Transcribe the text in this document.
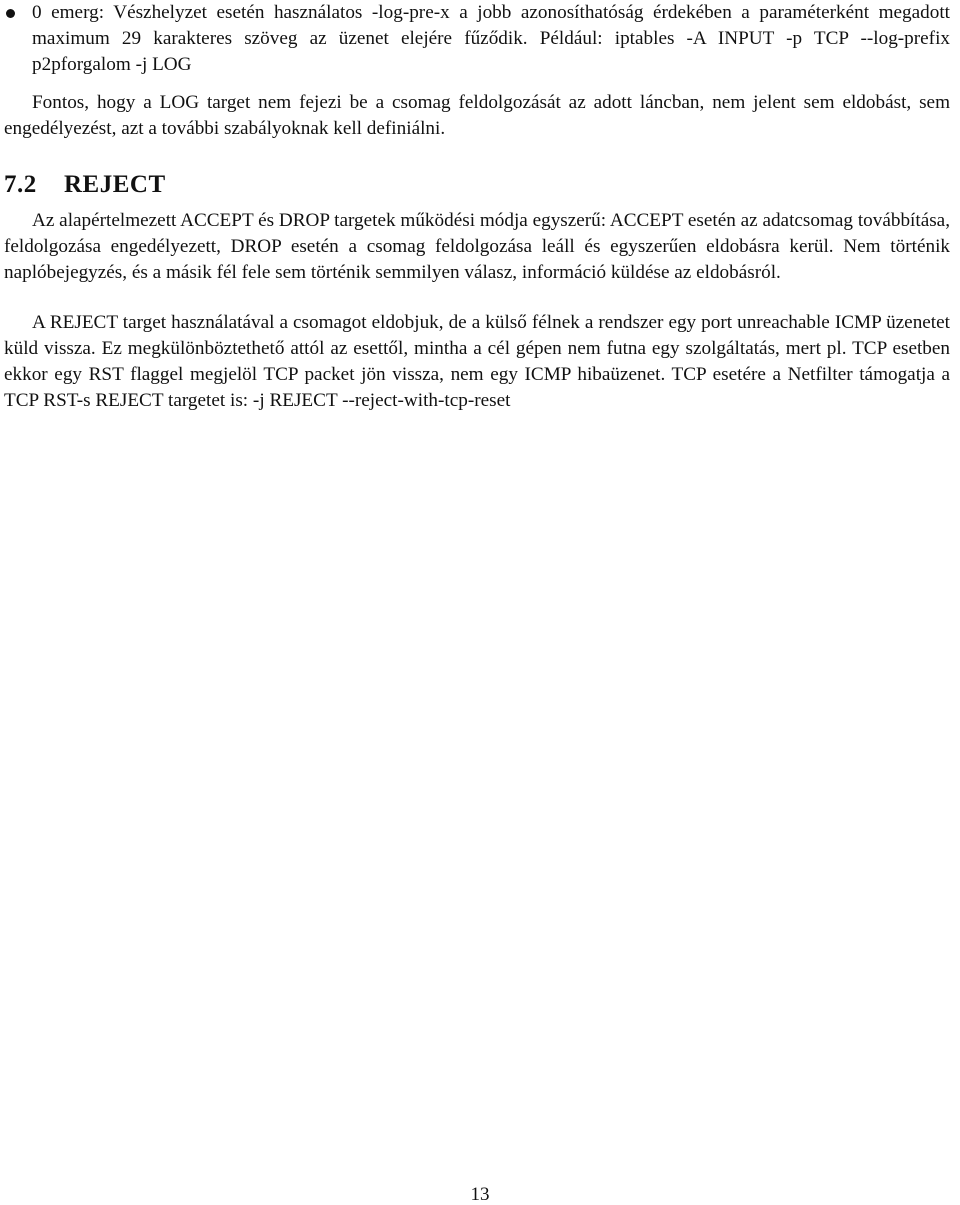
0 emerg: Vészhelyzet esetén használatos -log-pre-x a jobb azonosíthatóság érdekében a paraméterként megadott maximum 29 karakteres szöveg az üzenet elejére fűződik. Például: iptables -A INPUT -p TCP --log-prefix p2pforgalom -j LOG

Fontos, hogy a LOG target nem fejezi be a csomag feldolgozását az adott láncban, nem jelent sem eldobást, sem engedélyezést, azt a további szabályoknak kell definiálni.

7.2 REJECT

Az alapértelmezett ACCEPT és DROP targetek működési módja egyszerű: ACCEPT esetén az adatcsomag továbbítása, feldolgozása engedélyezett, DROP esetén a csomag feldolgozása leáll és egyszerűen eldobásra kerül. Nem történik naplóbejegyzés, és a másik fél fele sem történik semmilyen válasz, információ küldése az eldobásról.

A REJECT target használatával a csomagot eldobjuk, de a külső félnek a rendszer egy port unreachable ICMP üzenetet küld vissza. Ez megkülönböztethető attól az esettől, mintha a cél gépen nem futna egy szolgáltatás, mert pl. TCP esetben ekkor egy RST flaggel megjelöl TCP packet jön vissza, nem egy ICMP hibaüzenet. TCP esetére a Netfilter támogatja a TCP RST-s REJECT targetet is: -j REJECT --reject-with-tcp-reset

13
